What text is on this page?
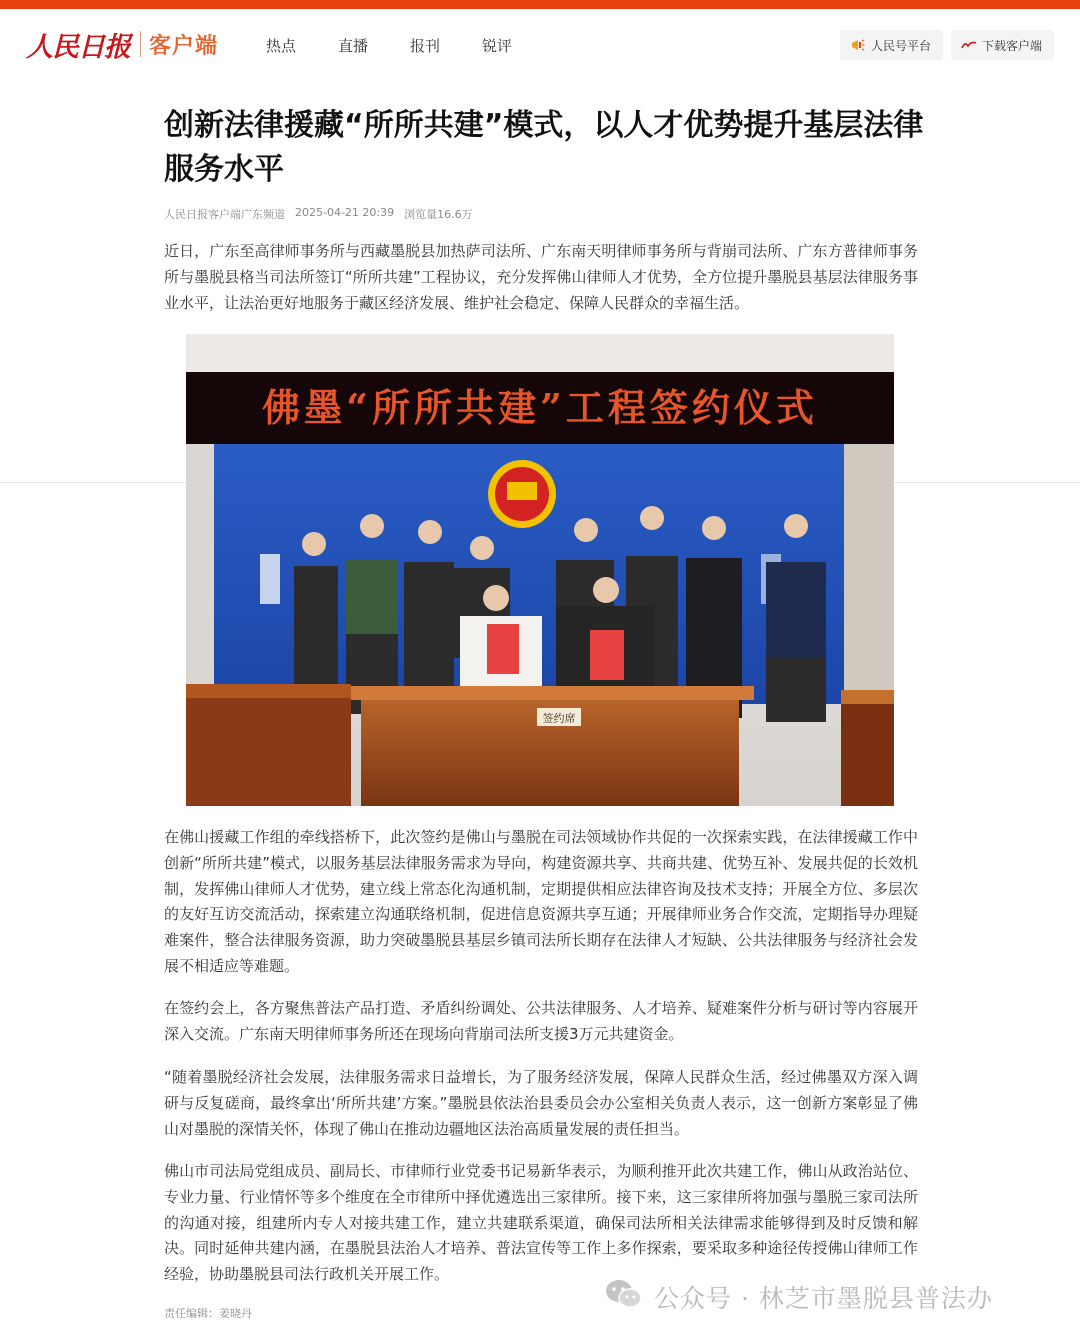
人民日报 客户端	热点	直播	报刊	锐评	人民号平台	下载客户端
创新法律援藏“所所共建”模式，以人才优势提升基层法律服务水平
人民日报客户端广东频道 2025-04-21 20:39 浏览量16.6万

近日，广东至高律师事务所与西藏墨脱县加热萨司法所、广东南天明律师事务所与背崩司法所、广东方普律师事务所与墨脱县格当司法所签订“所所共建”工程协议，充分发挥佛山律师人才优势，全方位提升墨脱县基层法律服务事业水平，让法治更好地服务于藏区经济发展、维护社会稳定、保障人民群众的幸福生活。

佛墨“所所共建”工程签约仪式
签约席

在佛山援藏工作组的牵线搭桥下，此次签约是佛山与墨脱在司法领域协作共促的一次探索实践，在法律援藏工作中创新“所所共建”模式，以服务基层法律服务需求为导向，构建资源共享、共商共建、优势互补、发展共促的长效机制，发挥佛山律师人才优势，建立线上常态化沟通机制，定期提供相应法律咨询及技术支持；开展全方位、多层次的友好互访交流活动，探索建立沟通联络机制，促进信息资源共享互通；开展律师业务合作交流，定期指导办理疑难案件，整合法律服务资源，助力突破墨脱县基层乡镇司法所长期存在法律人才短缺、公共法律服务与经济社会发展不相适应等难题。

在签约会上，各方聚焦普法产品打造、矛盾纠纷调处、公共法律服务、人才培养、疑难案件分析与研讨等内容展开深入交流。广东南天明律师事务所还在现场向背崩司法所支援3万元共建资金。

“随着墨脱经济社会发展，法律服务需求日益增长，为了服务经济发展，保障人民群众生活，经过佛墨双方深入调研与反复磋商，最终拿出‘所所共建’方案。”墨脱县依法治县委员会办公室相关负责人表示，这一创新方案彰显了佛山对墨脱的深情关怀，体现了佛山在推动边疆地区法治高质量发展的责任担当。

佛山市司法局党组成员、副局长、市律师行业党委书记易新华表示，为顺利推开此次共建工作，佛山从政治站位、专业力量、行业情怀等多个维度在全市律所中择优遴选出三家律所。接下来，这三家律所将加强与墨脱三家司法所的沟通对接，组建所内专人对接共建工作，建立共建联系渠道，确保司法所相关法律需求能够得到及时反馈和解决。同时延伸共建内涵，在墨脱县法治人才培养、普法宣传等工作上多作探索，要采取多种途径传授佛山律师工作经验，协助墨脱县司法行政机关开展工作。

责任编辑：姜晓丹
公众号 · 林芝市墨脱县普法办
